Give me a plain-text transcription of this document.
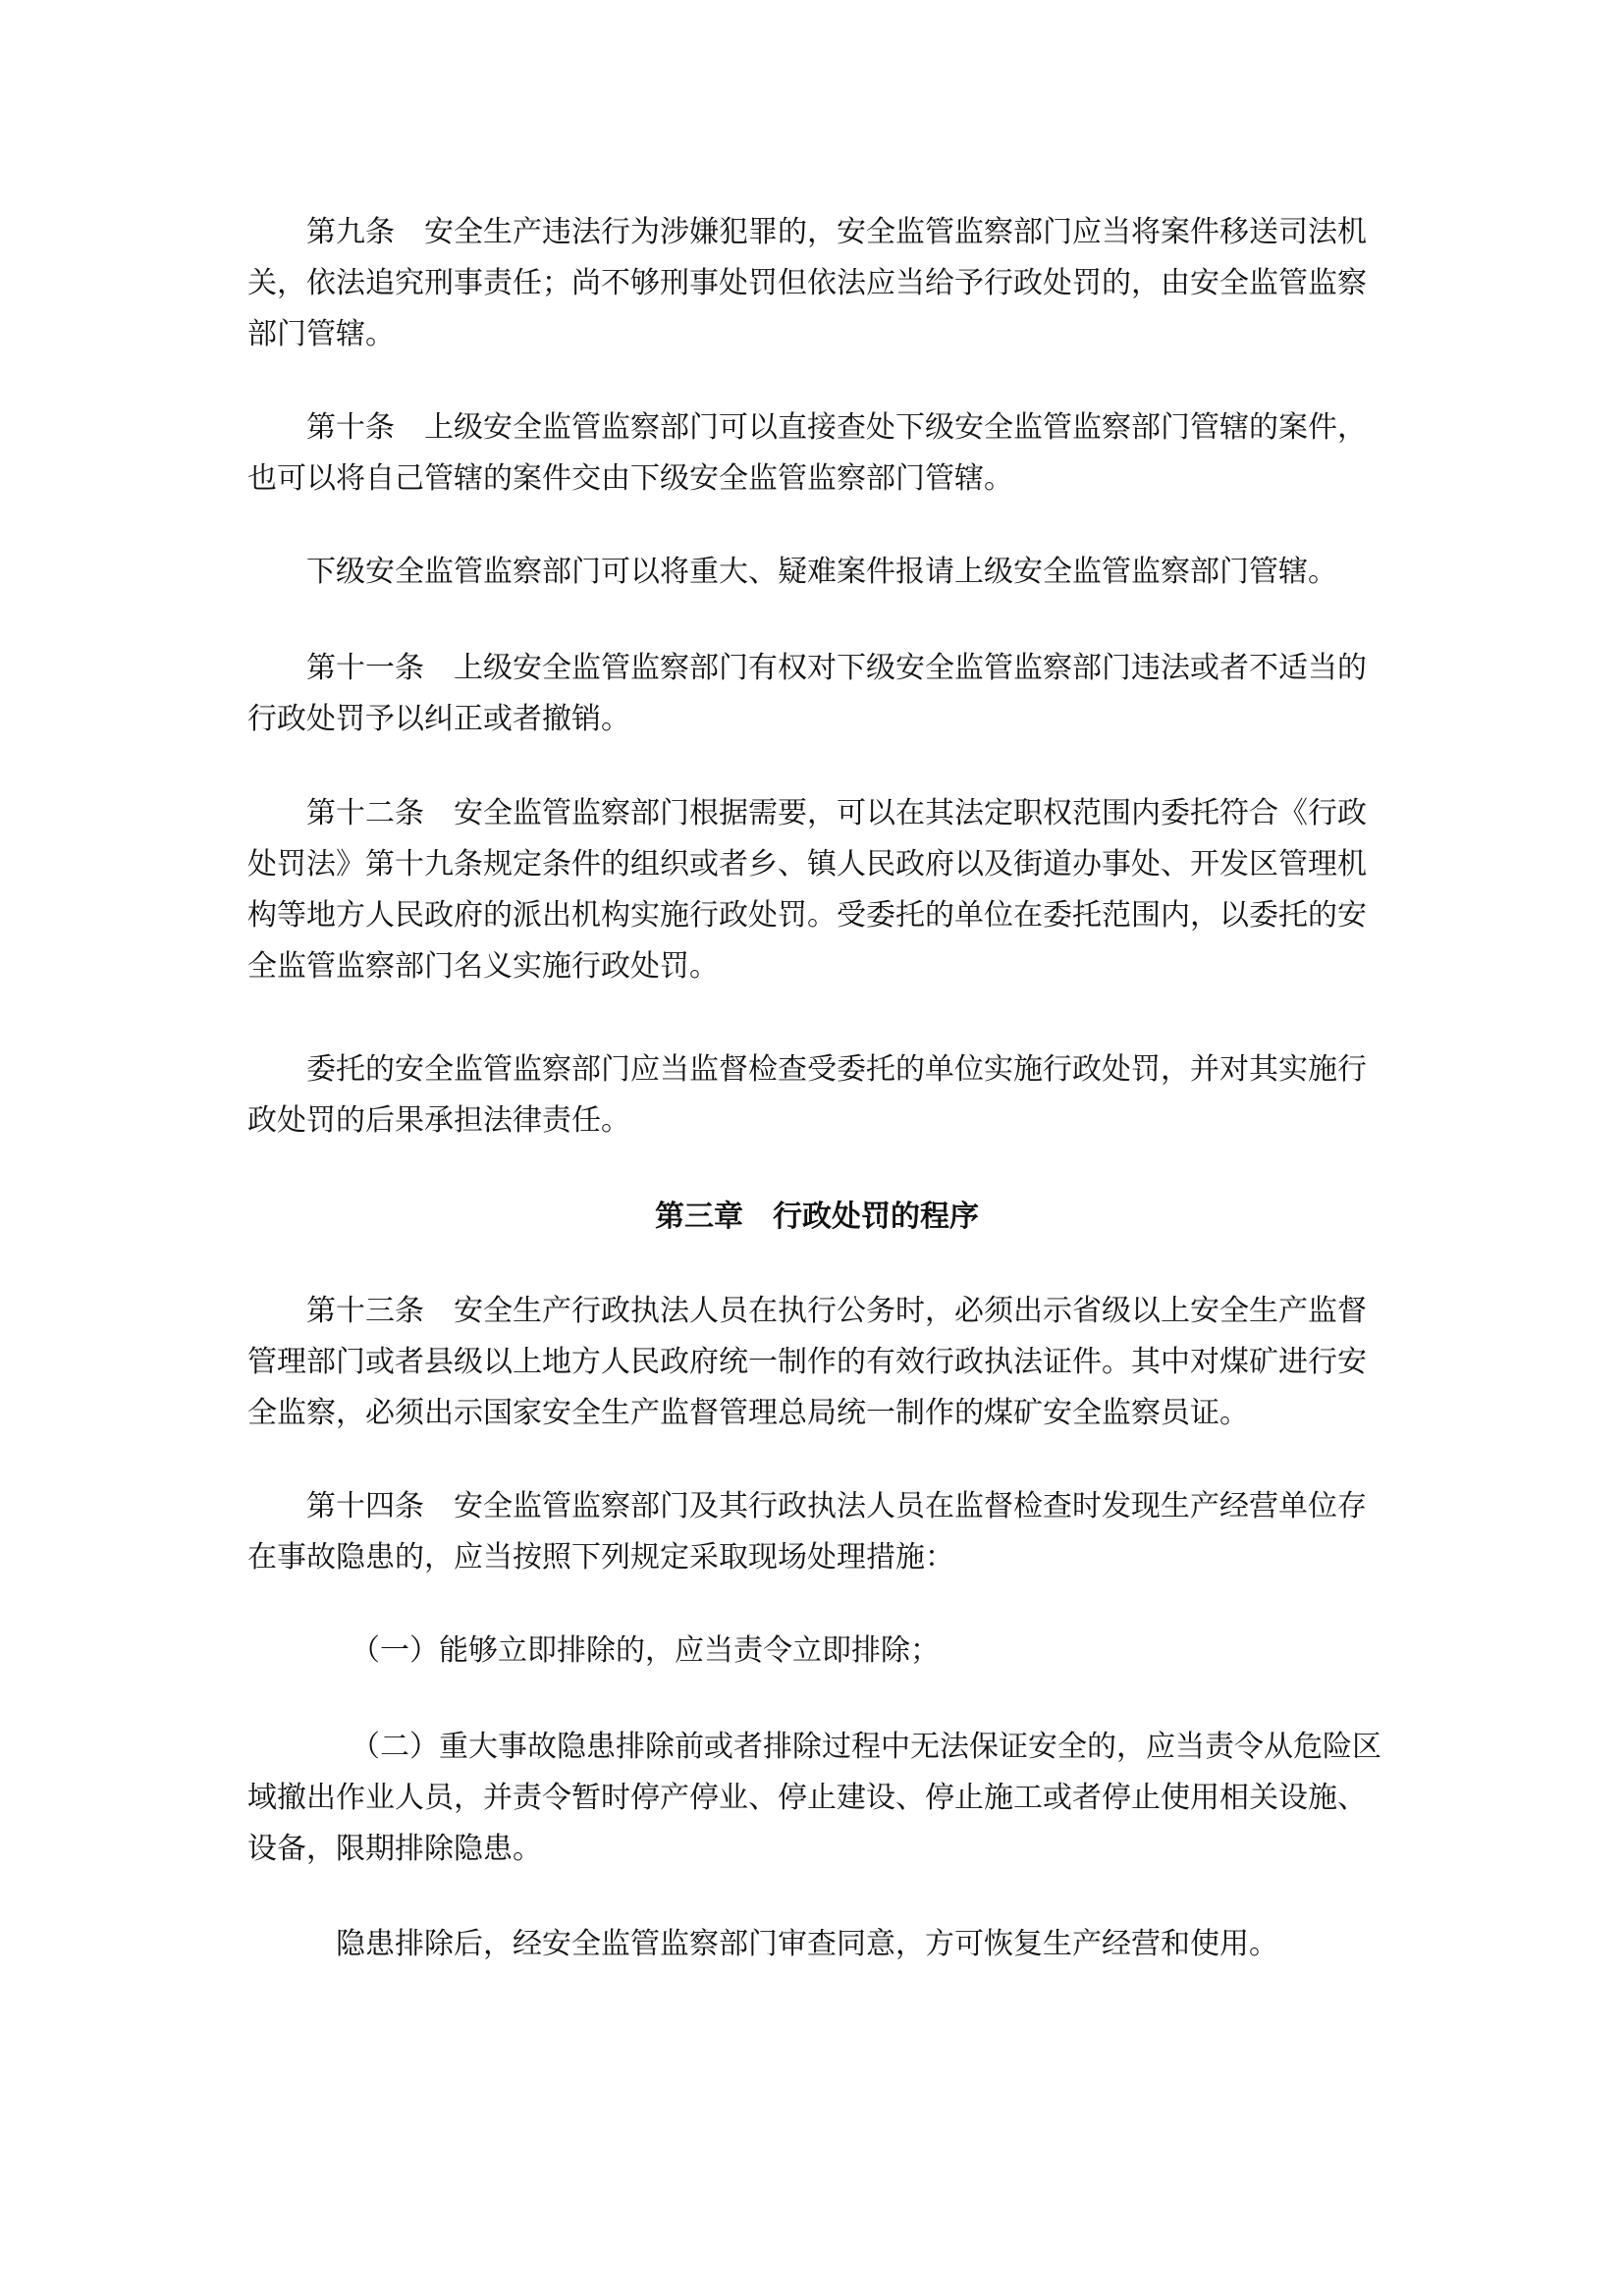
　　第九条　安全生产违法行为涉嫌犯罪的，安全监管监察部门应当将案件移送司法机关，依法追究刑事责任；尚不够刑事处罚但依法应当给予行政处罚的，由安全监管监察部门管辖。

　　第十条　上级安全监管监察部门可以直接查处下级安全监管监察部门管辖的案件，也可以将自己管辖的案件交由下级安全监管监察部门管辖。

　　下级安全监管监察部门可以将重大、疑难案件报请上级安全监管监察部门管辖。

　　第十一条　上级安全监管监察部门有权对下级安全监管监察部门违法或者不适当的行政处罚予以纠正或者撤销。

　　第十二条　安全监管监察部门根据需要，可以在其法定职权范围内委托符合《行政处罚法》第十九条规定条件的组织或者乡、镇人民政府以及街道办事处、开发区管理机构等地方人民政府的派出机构实施行政处罚。受委托的单位在委托范围内，以委托的安全监管监察部门名义实施行政处罚。

　　委托的安全监管监察部门应当监督检查受委托的单位实施行政处罚，并对其实施行政处罚的后果承担法律责任。

第三章　行政处罚的程序

　　第十三条　安全生产行政执法人员在执行公务时，必须出示省级以上安全生产监督管理部门或者县级以上地方人民政府统一制作的有效行政执法证件。其中对煤矿进行安全监察，必须出示国家安全生产监督管理总局统一制作的煤矿安全监察员证。

　　第十四条　安全监管监察部门及其行政执法人员在监督检查时发现生产经营单位存在事故隐患的，应当按照下列规定采取现场处理措施：

　　　　（一）能够立即排除的，应当责令立即排除；

　　　　（二）重大事故隐患排除前或者排除过程中无法保证安全的，应当责令从危险区域撤出作业人员，并责令暂时停产停业、停止建设、停止施工或者停止使用相关设施、设备，限期排除隐患。

　　　隐患排除后，经安全监管监察部门审查同意，方可恢复生产经营和使用。
